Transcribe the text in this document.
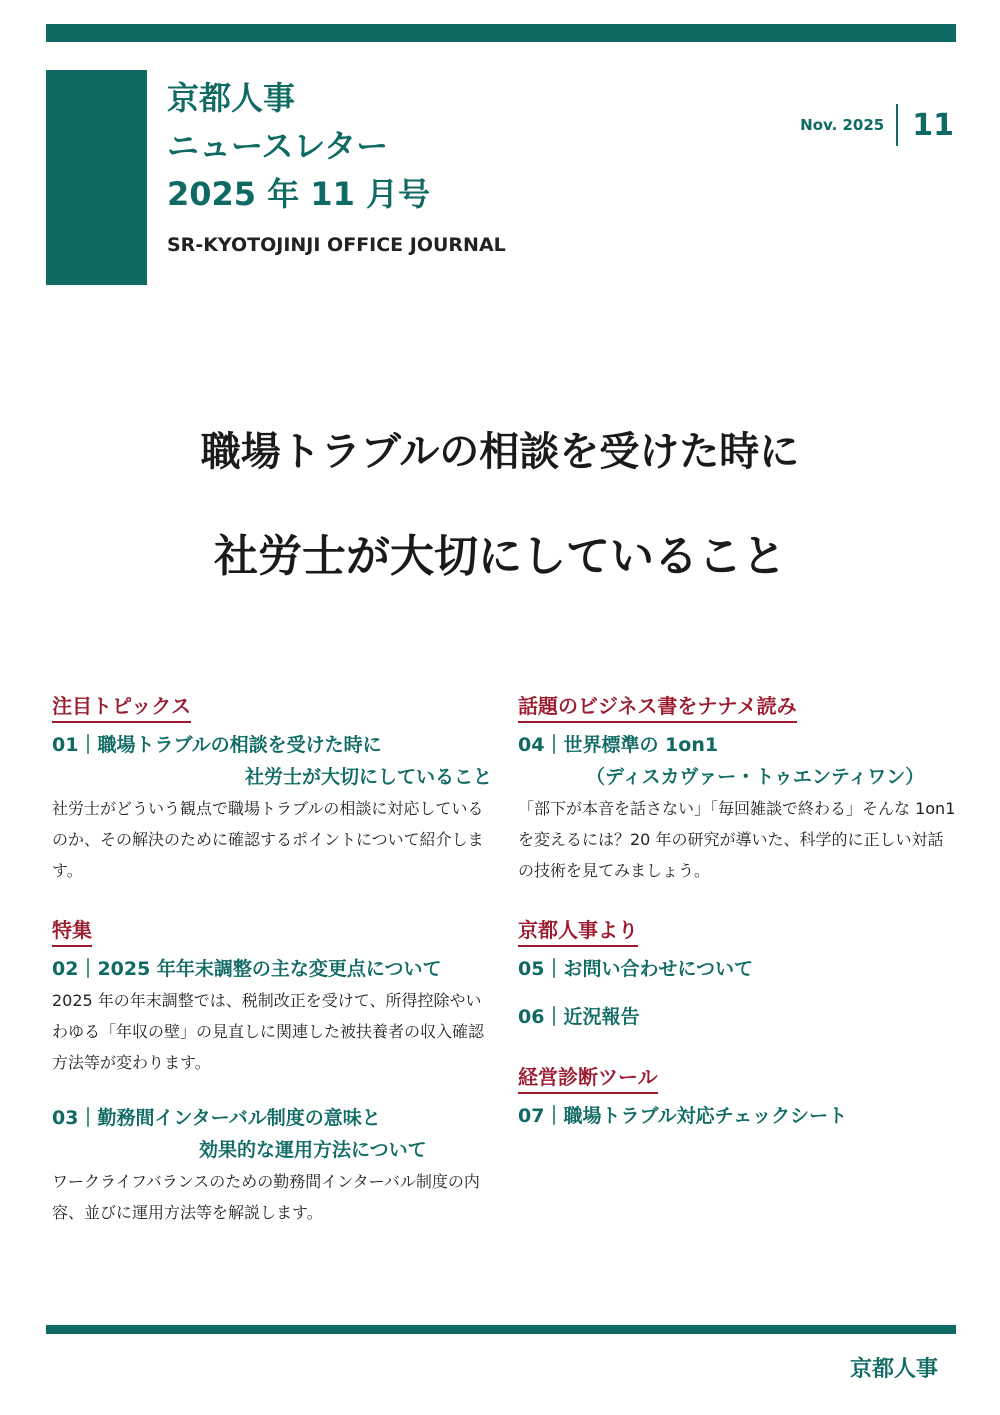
京都人事
ニュースレター
2025 年 11 月号
SR-KYOTOJINJI OFFICE JOURNAL
Nov. 2025 11
職場トラブルの相談を受けた時に
社労士が大切にしていること
注目トピックス
01｜職場トラブルの相談を受けた時に
社労士が大切にしていること
社労士がどういう観点で職場トラブルの相談に対応しているのか、その解決のために確認するポイントについて紹介します。
特集
02｜2025 年年末調整の主な変更点について
2025 年の年末調整では、税制改正を受けて、所得控除やいわゆる「年収の壁」の見直しに関連した被扶養者の収入確認方法等が変わります。
03｜勤務間インターバル制度の意味と
効果的な運用方法について
ワークライフバランスのための勤務間インターバル制度の内容、並びに運用方法等を解説します。
話題のビジネス書をナナメ読み
04｜世界標準の 1on1
（ディスカヴァー・トゥエンティワン）
「部下が本音を話さない」「毎回雑談で終わる」そんな 1on1 を変えるには？20 年の研究が導いた、科学的に正しい対話の技術を見てみましょう。
京都人事より
05｜お問い合わせについて
06｜近況報告
経営診断ツール
07｜職場トラブル対応チェックシート
京都人事
